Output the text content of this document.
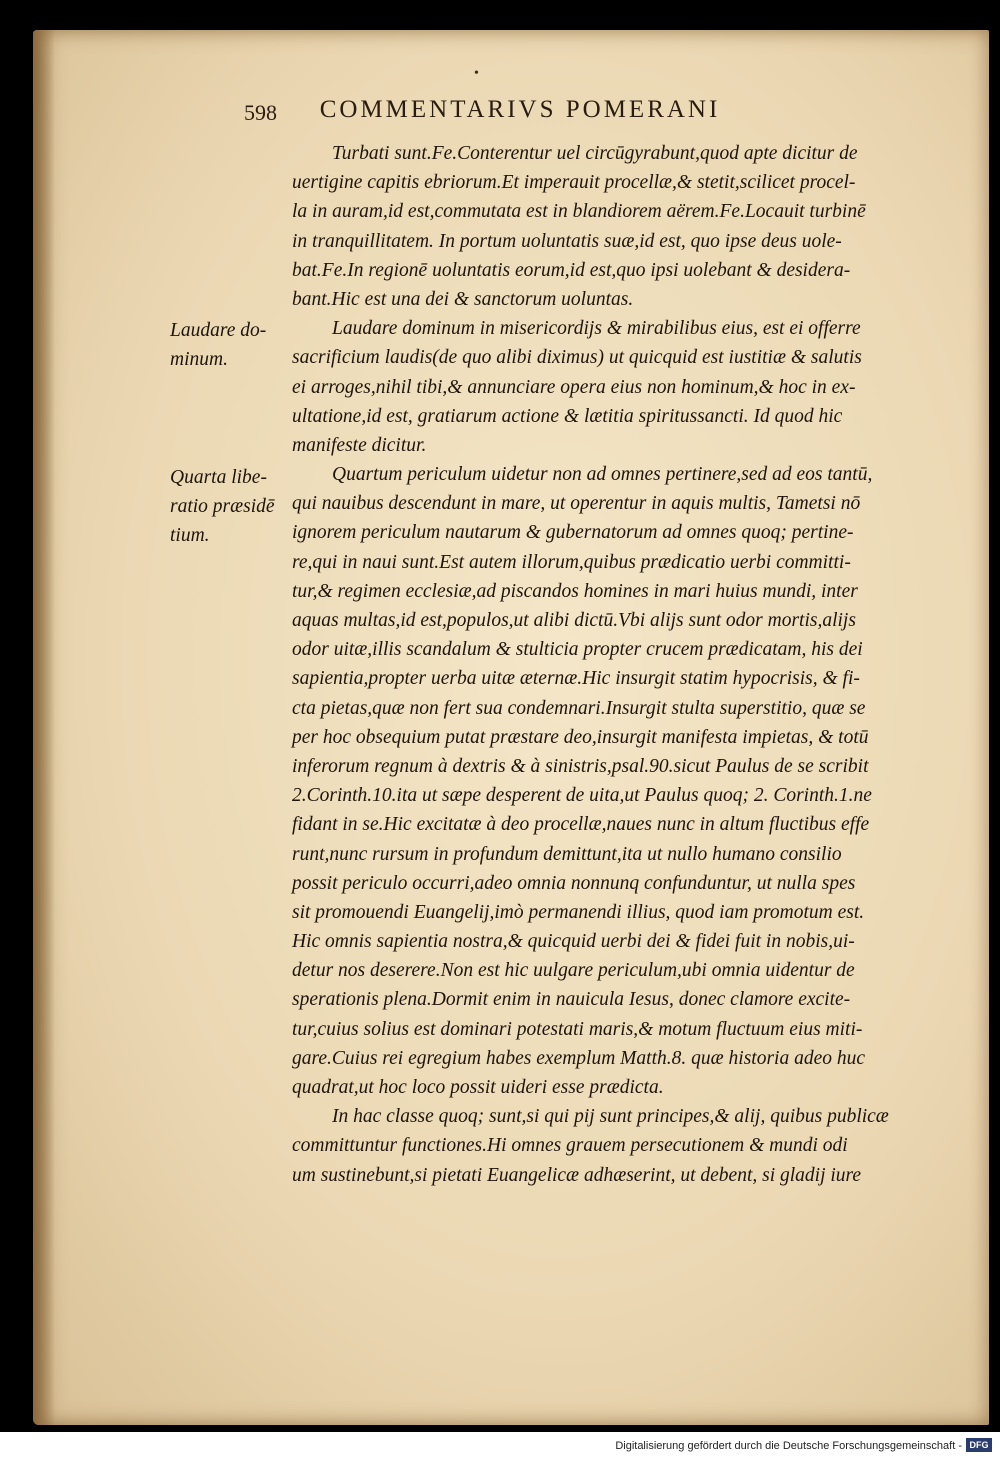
•
598	COMMENTARIVS POMERANI
Laudare do-
minum.
Quarta libe-
ratio præsidē
tium.
Turbati sunt.Fe.Conterentur uel circūgyrabunt,quod apte dicitur de
uertigine capitis ebriorum.Et imperauit procellæ,& stetit,scilicet procel-
la in auram,id est,commutata est in blandiorem aërem.Fe.Locauit turbinē
in tranquillitatem. In portum uoluntatis suæ,id est, quo ipse deus uole-
bat.Fe.In regionē uoluntatis eorum,id est,quo ipsi uolebant & desidera-
bant.Hic est una dei & sanctorum uoluntas.
Laudare dominum in misericordijs & mirabilibus eius, est ei offerre
sacrificium laudis(de quo alibi diximus) ut quicquid est iustitiæ & salutis
ei arroges,nihil tibi,& annunciare opera eius non hominum,& hoc in ex-
ultatione,id est, gratiarum actione & lætitia spiritussancti. Id quod hic
manifeste dicitur.
Quartum periculum uidetur non ad omnes pertinere,sed ad eos tantū,
qui nauibus descendunt in mare, ut operentur in aquis multis, Tametsi nō
ignorem periculum nautarum & gubernatorum ad omnes quoq; pertine-
re,qui in naui sunt.Est autem illorum,quibus prædicatio uerbi committi-
tur,& regimen ecclesiæ,ad piscandos homines in mari huius mundi, inter
aquas multas,id est,populos,ut alibi dictū.Vbi alijs sunt odor mortis,alijs
odor uitæ,illis scandalum & stulticia propter crucem prædicatam, his dei
sapientia,propter uerba uitæ æternæ.Hic insurgit statim hypocrisis, & fi-
cta pietas,quæ non fert sua condemnari.Insurgit stulta superstitio, quæ se
per hoc obsequium putat præstare deo,insurgit manifesta impietas, & totū
inferorum regnum à dextris & à sinistris,psal.90.sicut Paulus de se scribit
2.Corinth.10.ita ut sæpe desperent de uita,ut Paulus quoq; 2. Corinth.1.ne
fidant in se.Hic excitatæ à deo procellæ,naues nunc in altum fluctibus effe
runt,nunc rursum in profundum demittunt,ita ut nullo humano consilio
possit periculo occurri,adeo omnia nonnunq confunduntur, ut nulla spes
sit promouendi Euangelij,imò permanendi illius, quod iam promotum est.
Hic omnis sapientia nostra,& quicquid uerbi dei & fidei fuit in nobis,ui-
detur nos deserere.Non est hic uulgare periculum,ubi omnia uidentur de
sperationis plena.Dormit enim in nauicula Iesus, donec clamore excite-
tur,cuius solius est dominari potestati maris,& motum fluctuum eius miti-
gare.Cuius rei egregium habes exemplum Matth.8. quæ historia adeo huc
quadrat,ut hoc loco possit uideri esse prædicta.
In hac classe quoq; sunt,si qui pij sunt principes,& alij, quibus publicæ
committuntur functiones.Hi omnes grauem persecutionem & mundi odi
um sustinebunt,si pietati Euangelicæ adhæserint, ut debent, si gladij iure
Digitalisierung gefördert durch die Deutsche Forschungsgemeinschaft - DFG
